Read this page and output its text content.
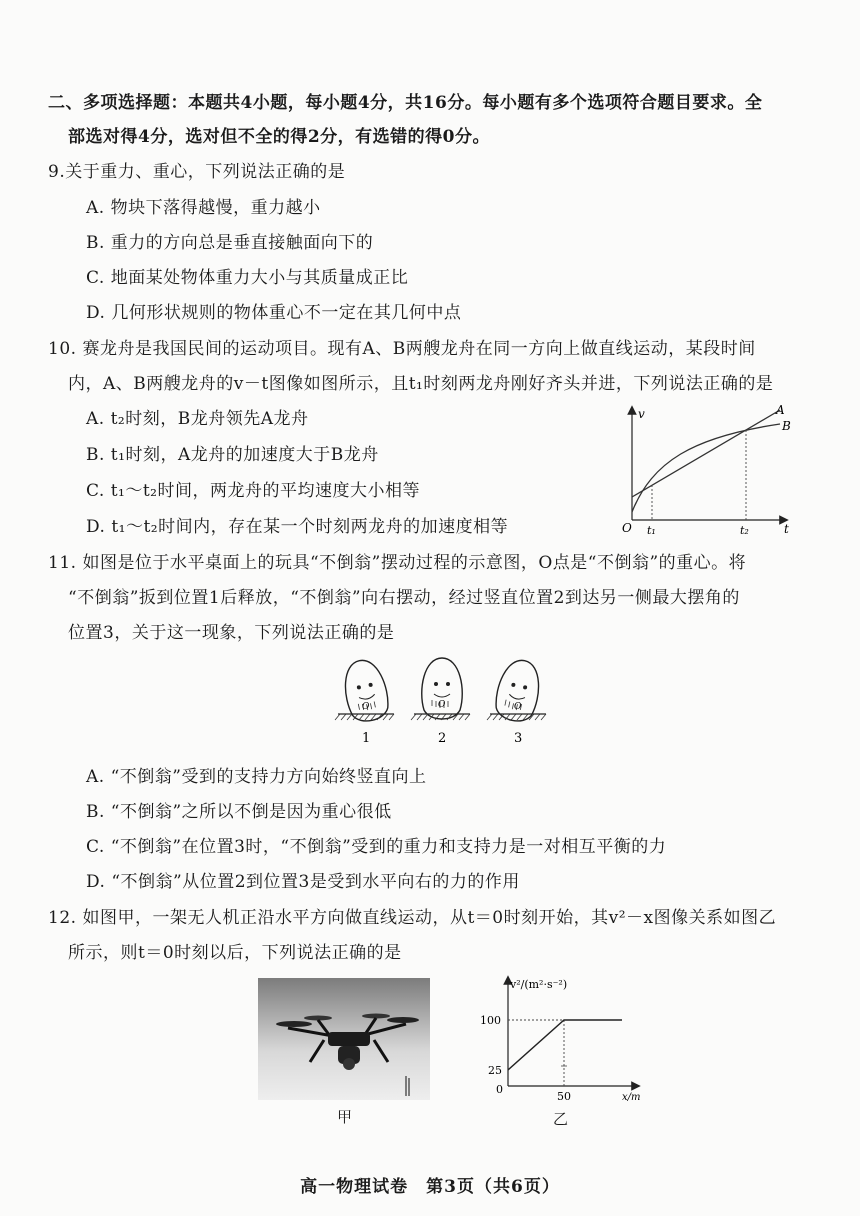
二、多项选择题：本题共4小题，每小题4分，共16分。每小题有多个选项符合题目要求。全
部选对得4分，选对但不全的得2分，有选错的得0分。
9.关于重力、重心，下列说法正确的是
A. 物块下落得越慢，重力越小
B. 重力的方向总是垂直接触面向下的
C. 地面某处物体重力大小与其质量成正比
D. 几何形状规则的物体重心不一定在其几何中点
10. 赛龙舟是我国民间的运动项目。现有A、B两艘龙舟在同一方向上做直线运动，某段时间
内，A、B两艘龙舟的v－t图像如图所示，且t₁时刻两龙舟刚好齐头并进，下列说法正确的是
A. t₂时刻，B龙舟领先A龙舟
B. t₁时刻，A龙舟的加速度大于B龙舟
C. t₁～t₂时间，两龙舟的平均速度大小相等
D. t₁～t₂时间内，存在某一个时刻两龙舟的加速度相等
v
t
O t₁	t₂
A
B
11. 如图是位于水平桌面上的玩具“不倒翁”摆动过程的示意图，O点是“不倒翁”的重心。将
“不倒翁”扳到位置1后释放，“不倒翁”向右摆动，经过竖直位置2到达另一侧最大摆角的
位置3，关于这一现象，下列说法正确的是
O	O	O
1	2	3
A. “不倒翁”受到的支持力方向始终竖直向上
B. “不倒翁”之所以不倒是因为重心很低
C. “不倒翁”在位置3时，“不倒翁”受到的重力和支持力是一对相互平衡的力
D. “不倒翁”从位置2到位置3是受到水平向右的力的作用
12. 如图甲，一架无人机正沿水平方向做直线运动，从t＝0时刻开始，其v²－x图像关系如图乙
所示，则t＝0时刻以后，下列说法正确的是
甲
v²/(m²·s⁻²)
x/m
0
100
25
50
乙
高一物理试卷　第3页（共6页）
